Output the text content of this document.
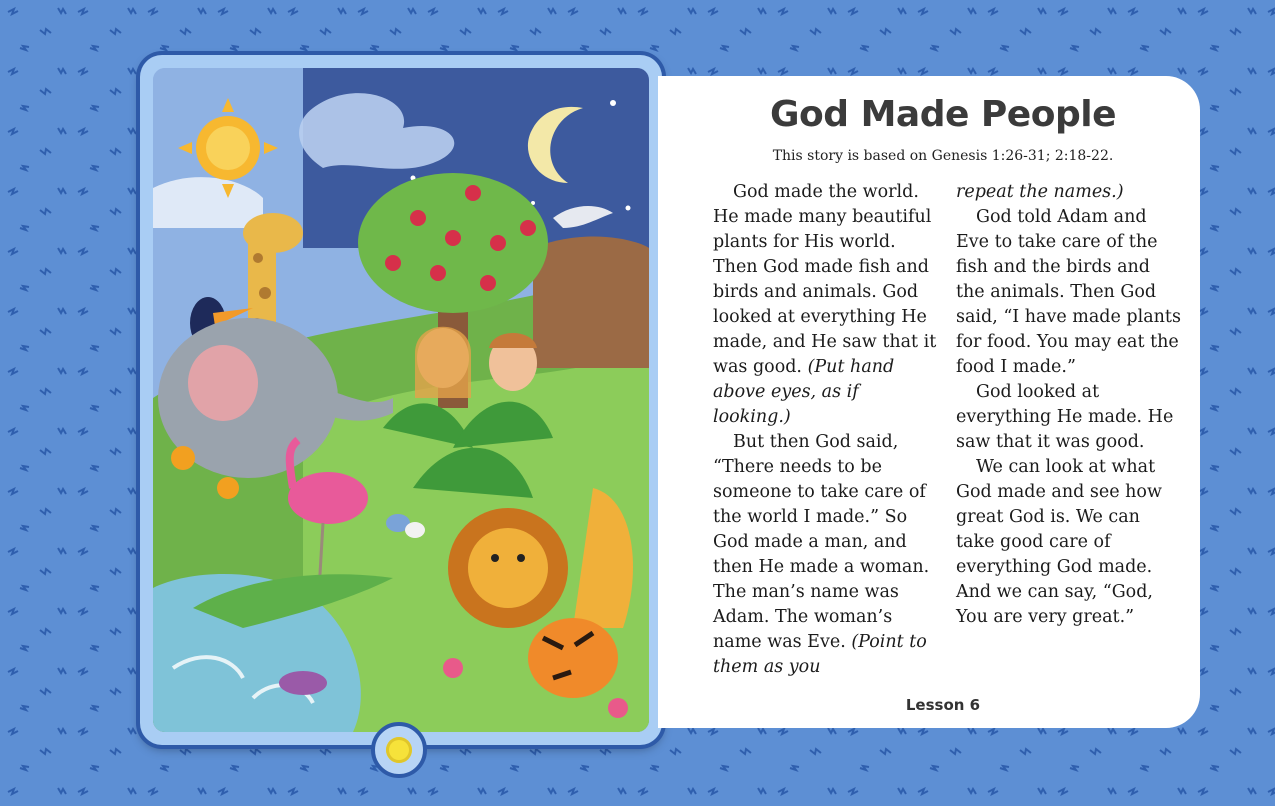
God Made People

This story is based on Genesis 1:26-31; 2:18-22.

God made the world. He made many beautiful plants for His world. Then God made fish and birds and animals. God looked at everything He made, and He saw that it was good. (Put hand above eyes, as if looking.)

But then God said, “There needs to be someone to take care of the world I made.” So God made a man, and then He made a woman. The man’s name was Adam. The woman’s name was Eve. (Point to them as you

repeat the names.)

God told Adam and Eve to take care of the fish and the birds and the animals. Then God said, “I have made plants for food. You may eat the food I made.”

God looked at everything He made. He saw that it was good.

We can look at what God made and see how great God is. We can take good care of everything God made. And we can say, “God, You are very great.”

Lesson 6
